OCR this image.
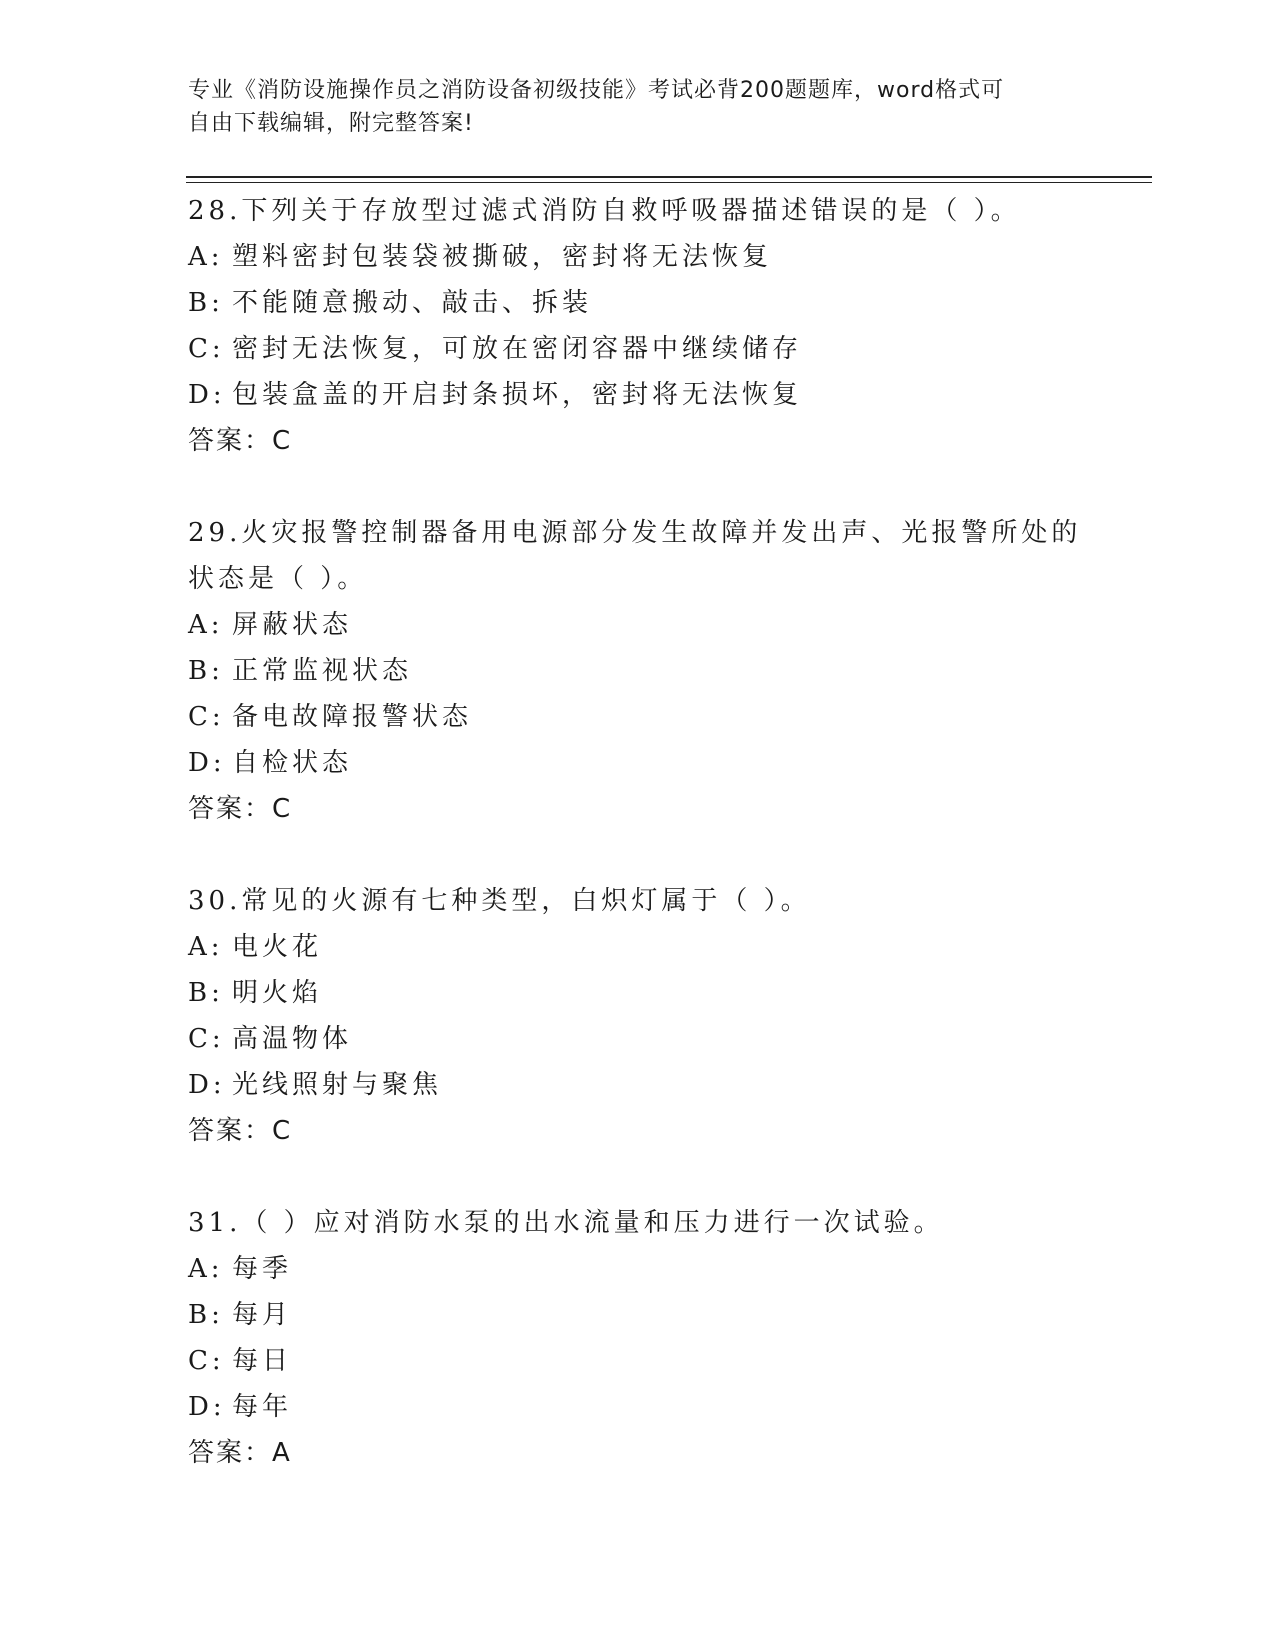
专业《消防设施操作员之消防设备初级技能》考试必背200题题库，word格式可
自由下载编辑，附完整答案!
28.下列关于存放型过滤式消防自救呼吸器描述错误的是（ ）。
A: 塑料密封包装袋被撕破，密封将无法恢复
B: 不能随意搬动、敲击、拆装
C: 密封无法恢复，可放在密闭容器中继续储存
D: 包装盒盖的开启封条损坏，密封将无法恢复
答案：C
29.火灾报警控制器备用电源部分发生故障并发出声、光报警所处的状态是（ ）。
A: 屏蔽状态
B: 正常监视状态
C: 备电故障报警状态
D: 自检状态
答案：C
30.常见的火源有七种类型，白炽灯属于（ ）。
A: 电火花
B: 明火焰
C: 高温物体
D: 光线照射与聚焦
答案：C
31.（ ）应对消防水泵的出水流量和压力进行一次试验。
A: 每季
B: 每月
C: 每日
D: 每年
答案：A
